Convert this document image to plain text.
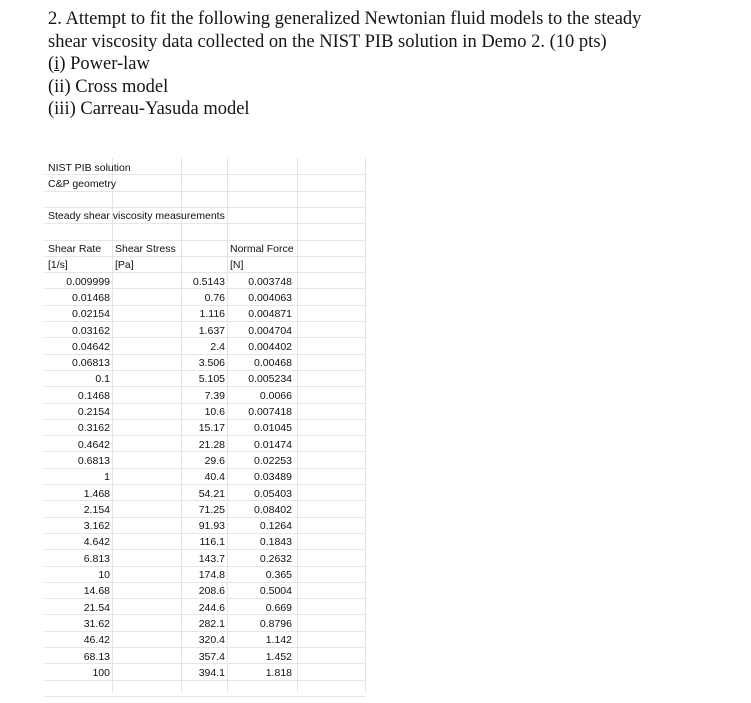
2. Attempt to fit the following generalized Newtonian fluid models to the steady
shear viscosity data collected on the NIST PIB solution in Demo 2. (10 pts)
(i) Power-law
(ii) Cross model
(iii) Carreau-Yasuda model
NIST PIB solution
C&P geometry
Steady shear viscosity measurements
Shear Rate	Shear Stress	Normal Force
[1/s]	[Pa]	[N]
0.009999	0.5143	0.003748
0.01468	0.76	0.004063
0.02154	1.116	0.004871
0.03162	1.637	0.004704
0.04642	2.4	0.004402
0.06813	3.506	0.00468
0.1	5.105	0.005234
0.1468	7.39	0.0066
0.2154	10.6	0.007418
0.3162	15.17	0.01045
0.4642	21.28	0.01474
0.6813	29.6	0.02253
1	40.4	0.03489
1.468	54.21	0.05403
2.154	71.25	0.08402
3.162	91.93	0.1264
4.642	116.1	0.1843
6.813	143.7	0.2632
10	174.8	0.365
14.68	208.6	0.5004
21.54	244.6	0.669
31.62	282.1	0.8796
46.42	320.4	1.142
68.13	357.4	1.452
100	394.1	1.818
